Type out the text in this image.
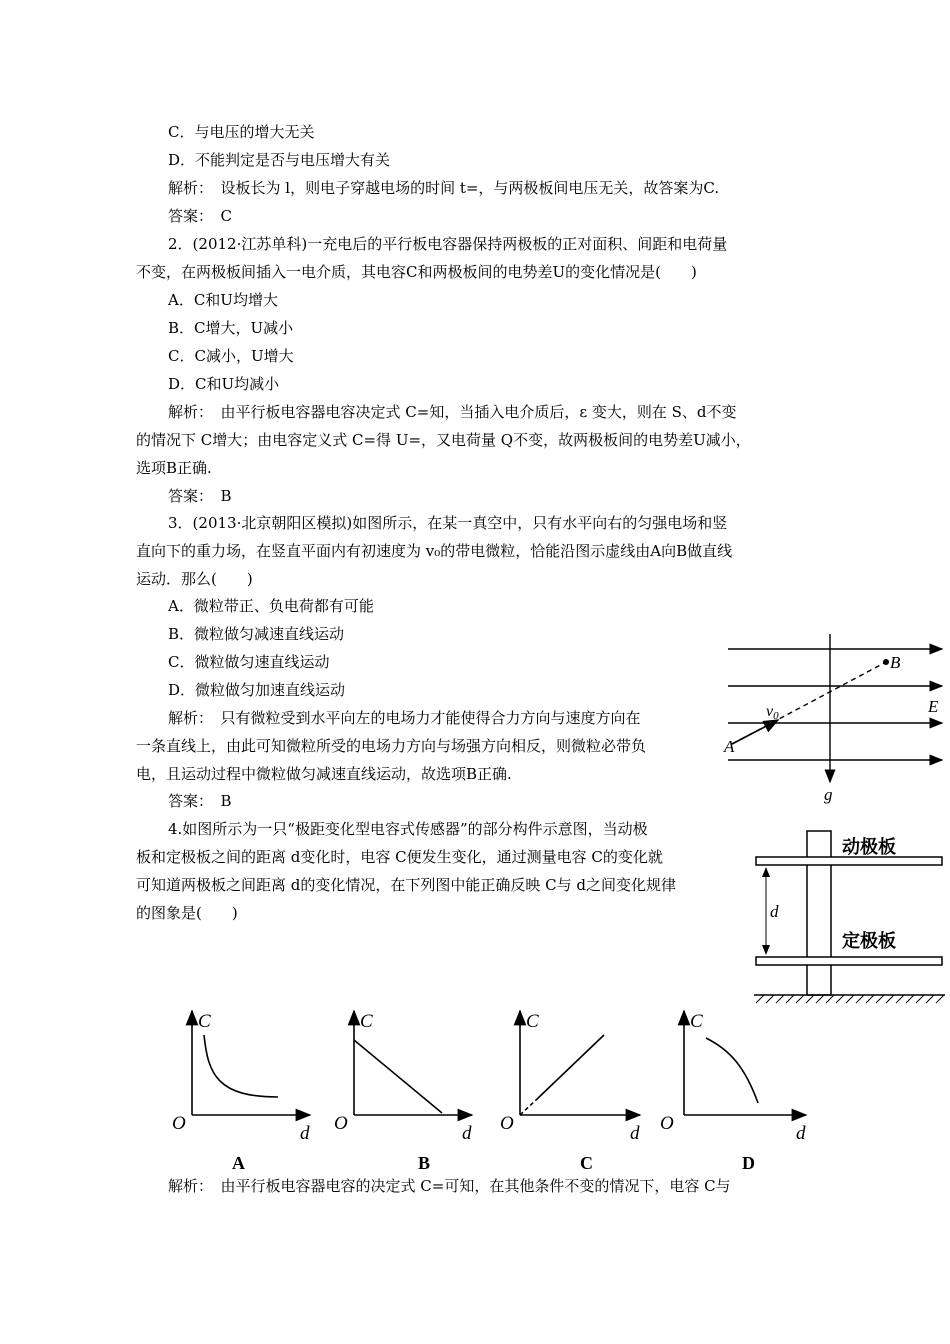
C．与电压的增大无关
D．不能判定是否与电压增大有关
解析：　设板长为 l，则电子穿越电场的时间 t=，与两极板间电压无关，故答案为C.
答案：　C
2．(2012·江苏单科)一充电后的平行板电容器保持两极板的正对面积、间距和电荷量
不变，在两极板间插入一电介质，其电容C和两极板间的电势差U的变化情况是(　　)
A．C和U均增大
B．C增大，U减小
C．C减小，U增大
D．C和U均减小
解析：　由平行板电容器电容决定式 C=知，当插入电介质后，ε 变大，则在 S、d不变
的情况下 C增大；由电容定义式 C=得 U=，又电荷量 Q不变，故两极板间的电势差U减小，
选项B正确.
答案：　B
3．(2013·北京朝阳区模拟)如图所示，在某一真空中，只有水平向右的匀强电场和竖
直向下的重力场，在竖直平面内有初速度为 v₀的带电微粒，恰能沿图示虚线由A向B做直线
运动．那么(　　)
A．微粒带正、负电荷都有可能
B．微粒做匀减速直线运动
C．微粒做匀速直线运动
D．微粒做匀加速直线运动
解析：　只有微粒受到水平向左的电场力才能使得合力方向与速度方向在
一条直线上，由此可知微粒所受的电场力方向与场强方向相反，则微粒必带负
电，且运动过程中微粒做匀减速直线运动，故选项B正确.
答案：　B
B
E
v0
A
g
4.如图所示为一只“极距变化型电容式传感器”的部分构件示意图，当动极
板和定极板之间的距离 d变化时，电容 C便发生变化，通过测量电容 C的变化就
可知道两极板之间距离 d的变化情况，在下列图中能正确反映 C与 d之间变化规律
的图象是(　　)	d
动极板
定极板
C
O	d
A
C
O	d
B
C
O	d
C
C
O	d
D
解析：　由平行板电容器电容的决定式 C=可知，在其他条件不变的情况下，电容 C与
